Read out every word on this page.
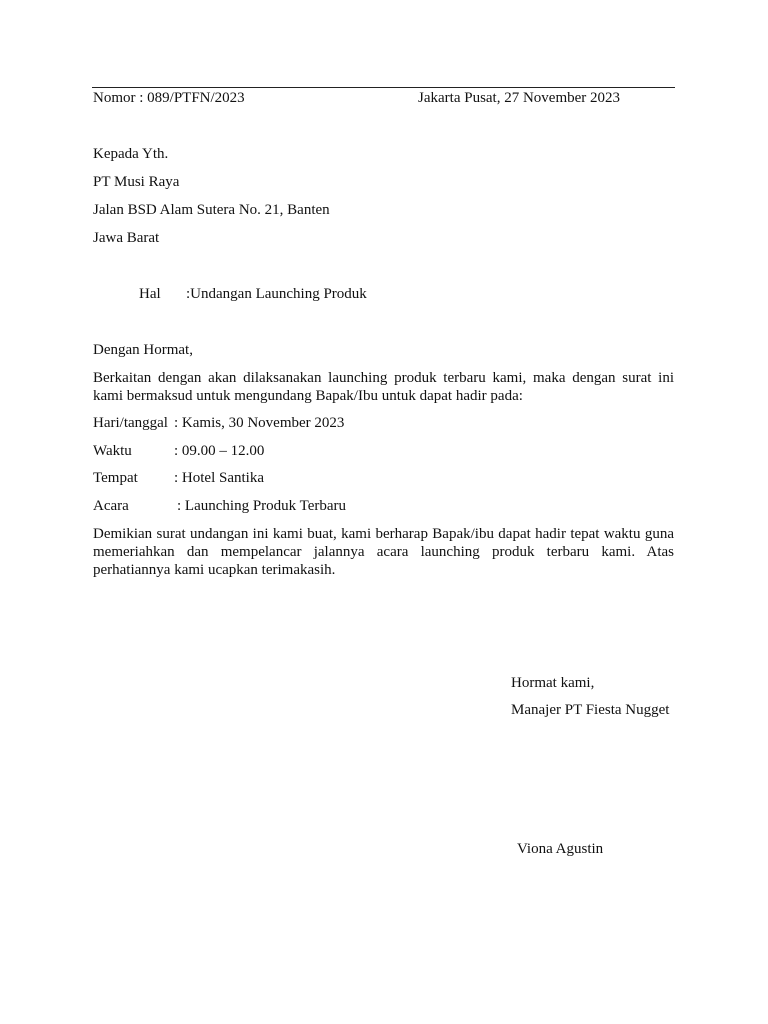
Nomor : 089/PTFN/2023	Jakarta Pusat, 27 November 2023
Kepada Yth.
PT Musi Raya
Jalan BSD Alam Sutera No. 21, Banten
Jawa Barat
Hal :Undangan Launching Produk
Dengan Hormat,
Berkaitan dengan akan dilaksanakan launching produk terbaru kami, maka dengan surat ini kami bermaksud untuk mengundang Bapak/Ibu untuk dapat hadir pada:
Hari/tanggal : Kamis, 30 November 2023
Waktu	: 09.00 – 12.00
Tempat : Hotel Santika
Acara	: Launching Produk Terbaru
Demikian surat undangan ini kami buat, kami berharap Bapak/ibu dapat hadir tepat waktu guna memeriahkan dan mempelancar jalannya acara launching produk terbaru kami. Atas perhatiannya kami ucapkan terimakasih.
Hormat kami,
Manajer PT Fiesta Nugget
Viona Agustin
